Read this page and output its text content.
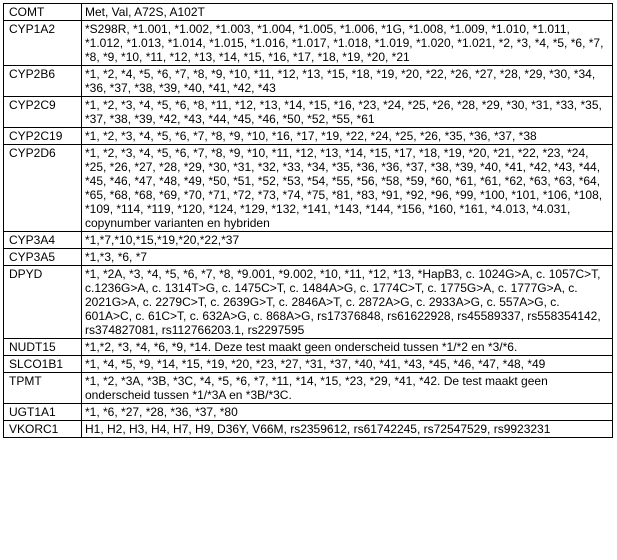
COMT	Met, Val, A72S, A102T

CYP1A2	*S298R, *1.001, *1.002, *1.003, *1.004, *1.005, *1.006, *1G, *1.008, *1.009, *1.010, *1.011, *1.012, *1.013, *1.014, *1.015, *1.016, *1.017, *1.018, *1.019, *1.020, *1.021, *2, *3, *4, *5, *6, *7, *8, *9, *10, *11, *12, *13, *14, *15, *16, *17, *18, *19, *20, *21

CYP2B6	*1, *2, *4, *5, *6, *7, *8, *9, *10, *11, *12, *13, *15, *18, *19, *20, *22, *26, *27, *28, *29, *30, *34, *36, *37, *38, *39, *40, *41, *42, *43

CYP2C9	*1, *2, *3, *4, *5, *6, *8, *11, *12, *13, *14, *15, *16, *23, *24, *25, *26, *28, *29, *30, *31, *33, *35, *37, *38, *39, *42, *43, *44, *45, *46, *50, *52, *55, *61

CYP2C19	*1, *2, *3, *4, *5, *6, *7, *8, *9, *10, *16, *17, *19, *22, *24, *25, *26, *35, *36, *37, *38

CYP2D6	*1, *2, *3, *4, *5, *6, *7, *8, *9, *10, *11, *12, *13, *14, *15, *17, *18, *19, *20, *21, *22, *23, *24, *25, *26, *27, *28, *29, *30, *31, *32, *33, *34, *35, *36, *36, *37, *38, *39, *40, *41, *42, *43, *44, *45, *46, *47, *48, *49, *50, *51, *52, *53, *54, *55, *56, *58, *59, *60, *61, *61, *62, *63, *63, *64, *65, *68, *68, *69, *70, *71, *72, *73, *74, *75, *81, *83, *91, *92, *96, *99, *100, *101, *106, *108, *109, *114, *119, *120, *124, *129, *132, *141, *143, *144, *156, *160, *161, *4.013, *4.031, copynumber varianten en hybriden

CYP3A4	*1,*7,*10,*15,*19,*20,*22,*37

CYP3A5	*1,*3, *6, *7

DPYD	*1, *2A, *3, *4, *5, *6, *7, *8, *9.001, *9.002, *10, *11, *12, *13, *HapB3, c. 1024G>A, c. 1057C>T, c.1236G>A, c. 1314T>G, c. 1475C>T, c. 1484A>G, c. 1774C>T, c. 1775G>A, c. 1777G>A, c. 2021G>A, c. 2279C>T, c. 2639G>T, c. 2846A>T, c. 2872A>G, c. 2933A>G, c. 557A>G, c. 601A>C, c. 61C>T, c. 632A>G, c. 868A>G, rs17376848, rs61622928, rs45589337, rs558354142, rs374827081, rs112766203.1, rs2297595

NUDT15	*1,*2, *3, *4, *6, *9, *14. Deze test maakt geen onderscheid tussen *1/*2 en *3/*6.

SLCO1B1	*1, *4, *5, *9, *14, *15, *19, *20, *23, *27, *31, *37, *40, *41, *43, *45, *46, *47, *48, *49

TPMT	*1, *2, *3A, *3B, *3C, *4, *5, *6, *7, *11, *14, *15, *23, *29, *41, *42. De test maakt geen onderscheid tussen *1/*3A en *3B/*3C.

UGT1A1	*1, *6, *27, *28, *36, *37, *80

VKORC1	H1, H2, H3, H4, H7, H9, D36Y, V66M, rs2359612, rs61742245, rs72547529, rs9923231
